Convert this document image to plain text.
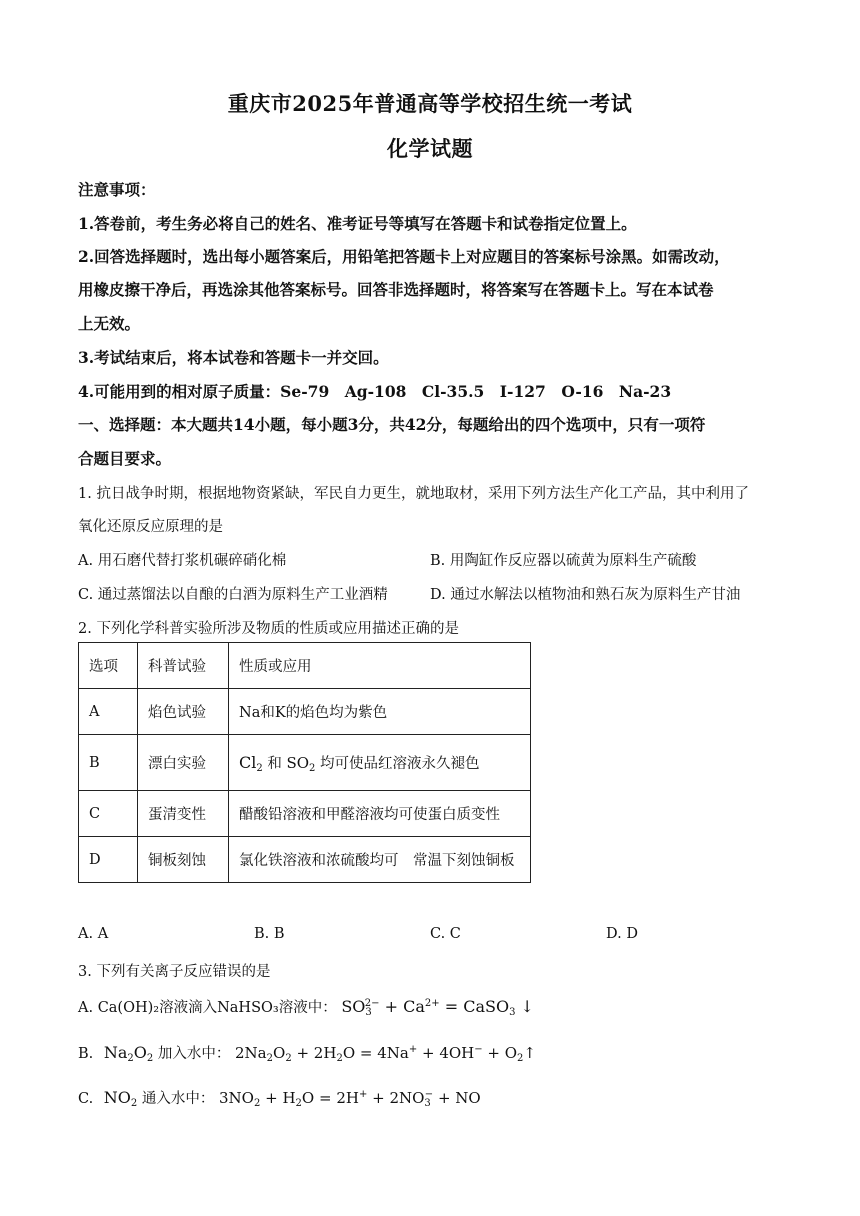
重庆市2025年普通高等学校招生统一考试
化学试题
注意事项：
1.答卷前，考生务必将自己的姓名、准考证号等填写在答题卡和试卷指定位置上。
2.回答选择题时，选出每小题答案后，用铅笔把答题卡上对应题目的答案标号涂黑。如需改动，
用橡皮擦干净后，再选涂其他答案标号。回答非选择题时，将答案写在答题卡上。写在本试卷
上无效。
3.考试结束后，将本试卷和答题卡一并交回。
4.可能用到的相对原子质量：Se-79　Ag-108　Cl-35.5　I-127　O-16　Na-23
一、选择题：本大题共14小题，每小题3分，共42分，每题给出的四个选项中，只有一项符
合题目要求。
1. 抗日战争时期，根据地物资紧缺，军民自力更生，就地取材，采用下列方法生产化工产品，其中利用了
氧化还原反应原理的是
A. 用石磨代替打浆机碾碎硝化棉	B. 用陶缸作反应器以硫黄为原料生产硫酸
C. 通过蒸馏法以自酿的白酒为原料生产工业酒精	D. 通过水解法以植物油和熟石灰为原料生产甘油
2. 下列化学科普实验所涉及物质的性质或应用描述正确的是
选项	科普试验	性质或应用
A	焰色试验	Na和K的焰色均为紫色
B	漂白实验	$Cl_2$ 和 $SO_2$ 均可使品红溶液永久褪色
C	蛋清变性	醋酸铅溶液和甲醛溶液均可使蛋白质变性
D	铜板刻蚀	氯化铁溶液和浓硫酸均可　常温下刻蚀铜板
A. A	B. B	C. C	D. D
3. 下列有关离子反应错误的是
A. Ca(OH)₂溶液滴入NaHSO₃溶液中： $SO_3^{2-} + Ca^{2+}$ = CaSO$_3$ ↓
B. $Na_2O_2$ 加入水中： $2Na_2O_2 + 2H_2O = 4Na^+ + 4OH^-$ + $O_2↑$
C. $NO_2$ 通入水中： $3NO_2 + H_2O = 2H^+ + 2NO_3^-$ + NO
